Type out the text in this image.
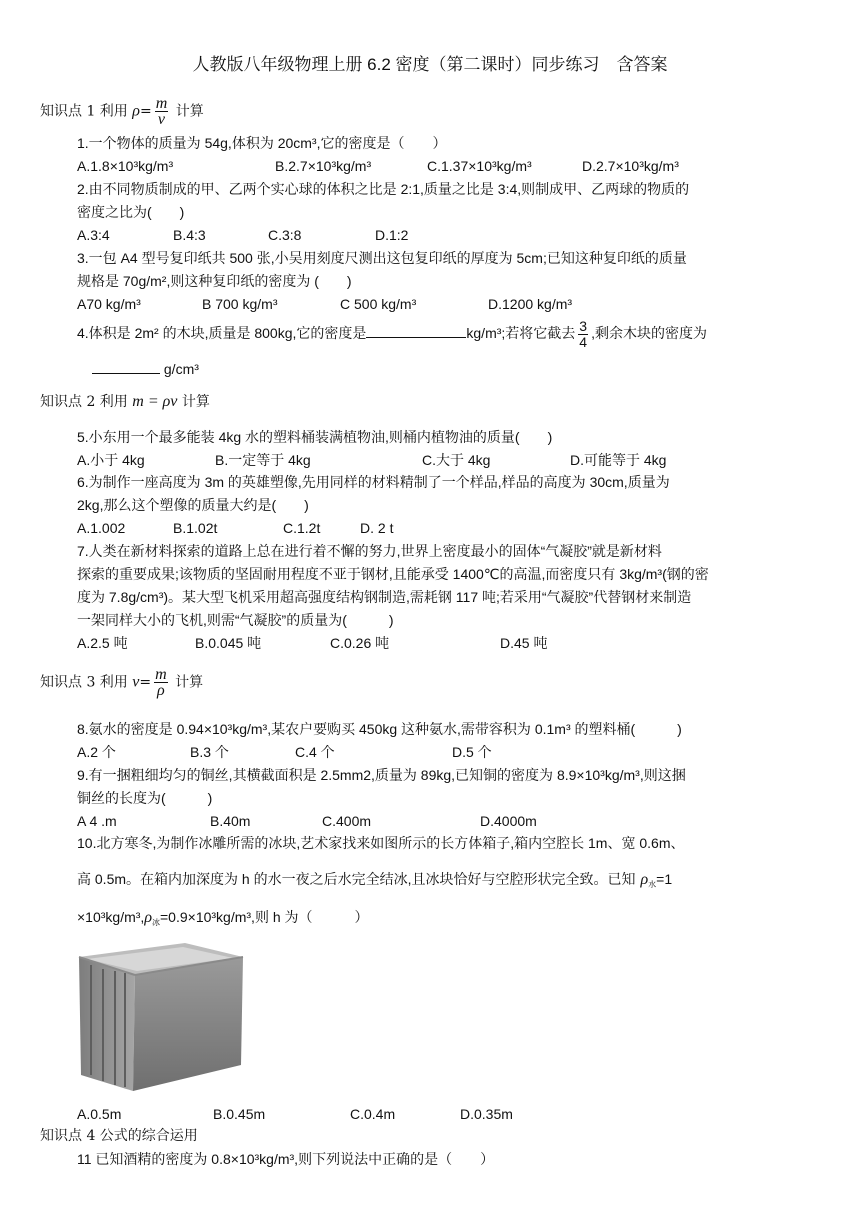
人教版八年级物理上册 6.2 密度（第二课时）同步练习　含答案
知识点 1 利用 $\rho= \frac{m}{v}$ 计算
1.一个物体的质量为 54g,体积为 20cm³,它的密度是（　　）
A.1.8×10³kg/m³	B.2.7×10³kg/m³	C.1.37×10³kg/m³	D.2.7×10³kg/m³
2.由不同物质制成的甲、乙两个实心球的体积之比是 2:1,质量之比是 3:4,则制成甲、乙两球的物质的
密度之比为(　　)
A.3:4	B.4:3	C.3:8	D.1:2
3.一包 A4 型号复印纸共 500 张,小吴用刻度尺测出这包复印纸的厚度为 5cm;已知这种复印纸的质量
规格是 70g/m²,则这种复印纸的密度为 (　　)
A70 kg/m³	B 700 kg/m³	C 500 kg/m³	D.1200 kg/m³
4.体积是 2m² 的木块,质量是 800kg,它的密度是	kg/m³;若将它截去 $\frac{3}{4}$ ,剩余木块的密度为
g/cm³
知识点 2 利用 m = ρv 计算
5.小东用一个最多能装 4kg 水的塑料桶装满植物油,则桶内植物油的质量(　　)
A.小于 4kg	B.一定等于 4kg	C.大于 4kg	D.可能等于 4kg
6.为制作一座高度为 3m 的英雄塑像,先用同样的材料精制了一个样品,样品的高度为 30cm,质量为
2kg,那么这个塑像的质量大约是(　　)
A.1.002	B.1.02t	C.1.2t	D. 2 t
7.人类在新材料探索的道路上总在进行着不懈的努力,世界上密度最小的固体“气凝胶”就是新材料
探索的重要成果;该物质的坚固耐用程度不亚于钢材,且能承受 1400℃的高温,而密度只有 3kg/m³(钢的密
度为 7.8g/cm³)。某大型飞机采用超高强度结构钢制造,需耗钢 117 吨;若采用“气凝胶”代替钢材来制造
一架同样大小的飞机,则需“气凝胶”的质量为(　　　)
A.2.5 吨	B.0.045 吨	C.0.26 吨	D.45 吨
知识点 3 利用 $v= \frac{m}{\rho}$ 计算
8.氨水的密度是 0.94×10³kg/m³,某农户要购买 450kg 这种氨水,需带容积为 0.1m³ 的塑料桶(　　　)
A.2 个	B.3 个	C.4 个	D.5 个
9.有一捆粗细均匀的铜丝,其横截面积是 2.5mm2,质量为 89kg,已知铜的密度为 8.9×10³kg/m³,则这捆
铜丝的长度为(　　　)
A 4 .m	B.40m	C.400m	D.4000m
10.北方寒冬,为制作冰雕所需的冰块,艺术家找来如图所示的长方体箱子,箱内空腔长 1m、宽 0.6m、
高 0.5m。在箱内加深度为 h 的水一夜之后水完全结冰,且冰块恰好与空腔形状完全致。已知 $\rho_水=1$
$\times 10^3kg/m^3,\rho_冰=0.9\times 10^3kg/m^3$,则 h 为（　　　）
A.0.5m	B.0.45m	C.0.4m	D.0.35m
知识点 4 公式的综合运用
11 已知酒精的密度为 0.8×10³kg/m³,则下列说法中正确的是（　　）
